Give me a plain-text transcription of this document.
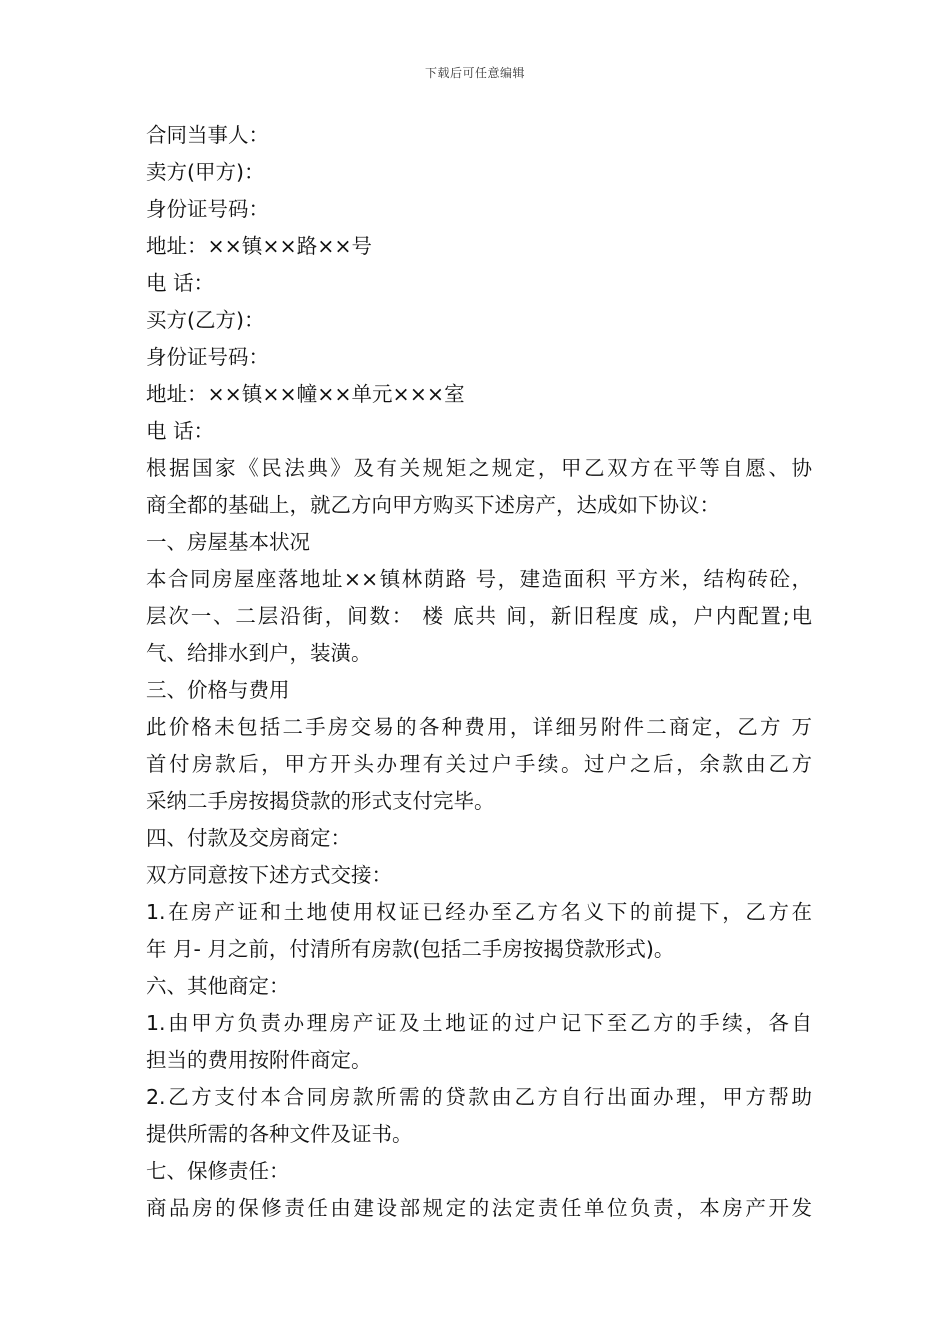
下载后可任意编辑
合同当事人：
卖方(甲方)：
身份证号码：
地址：××镇××路××号
电 话：
买方(乙方)：
身份证号码：
地址：××镇××幢××单元×××室
电 话：
根据国家《民法典》及有关规矩之规定，甲乙双方在平等自愿、协
商全都的基础上，就乙方向甲方购买下述房产，达成如下协议：
一、房屋基本状况
本合同房屋座落地址××镇林荫路 号，建造面积 平方米，结构砖砼，
层次一、二层沿街，间数： 楼 底共 间，新旧程度 成，户内配置;电
气、给排水到户，装潢。
三、价格与费用
此价格未包括二手房交易的各种费用，详细另附件二商定，乙方 万
首付房款后，甲方开头办理有关过户手续。过户之后，余款由乙方
采纳二手房按揭贷款的形式支付完毕。
四、付款及交房商定：
双方同意按下述方式交接：
1.在房产证和土地使用权证已经办至乙方名义下的前提下，乙方在
年 月- 月之前，付清所有房款(包括二手房按揭贷款形式)。
六、其他商定：
1.由甲方负责办理房产证及土地证的过户记下至乙方的手续，各自
担当的费用按附件商定。
2.乙方支付本合同房款所需的贷款由乙方自行出面办理，甲方帮助
提供所需的各种文件及证书。
七、保修责任：
商品房的保修责任由建设部规定的法定责任单位负责，本房产开发
